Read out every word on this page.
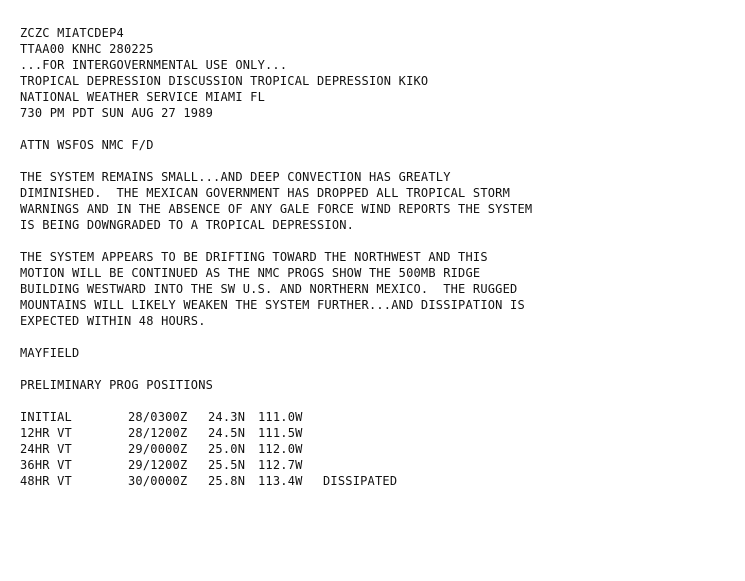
ZCZC MIATCDEP4
TTAA00 KNHC 280225
...FOR INTERGOVERNMENTAL USE ONLY...
TROPICAL DEPRESSION DISCUSSION TROPICAL DEPRESSION KIKO
NATIONAL WEATHER SERVICE MIAMI FL
730 PM PDT SUN AUG 27 1989
ATTN WSFOS NMC F/D
THE SYSTEM REMAINS SMALL...AND DEEP CONVECTION HAS GREATLY
DIMINISHED.  THE MEXICAN GOVERNMENT HAS DROPPED ALL TROPICAL STORM
WARNINGS AND IN THE ABSENCE OF ANY GALE FORCE WIND REPORTS THE SYSTEM
IS BEING DOWNGRADED TO A TROPICAL DEPRESSION.
THE SYSTEM APPEARS TO BE DRIFTING TOWARD THE NORTHWEST AND THIS
MOTION WILL BE CONTINUED AS THE NMC PROGS SHOW THE 500MB RIDGE
BUILDING WESTWARD INTO THE SW U.S. AND NORTHERN MEXICO.  THE RUGGED
MOUNTAINS WILL LIKELY WEAKEN THE SYSTEM FURTHER...AND DISSIPATION IS
EXPECTED WITHIN 48 HOURS.
MAYFIELD
PRELIMINARY PROG POSITIONS
INITIAL	28/0300Z	24.3N	111.0W
12HR VT	28/1200Z	24.5N	111.5W
24HR VT	29/0000Z	25.0N	112.0W
36HR VT	29/1200Z	25.5N	112.7W
48HR VT	30/0000Z	25.8N	113.4W	DISSIPATED
